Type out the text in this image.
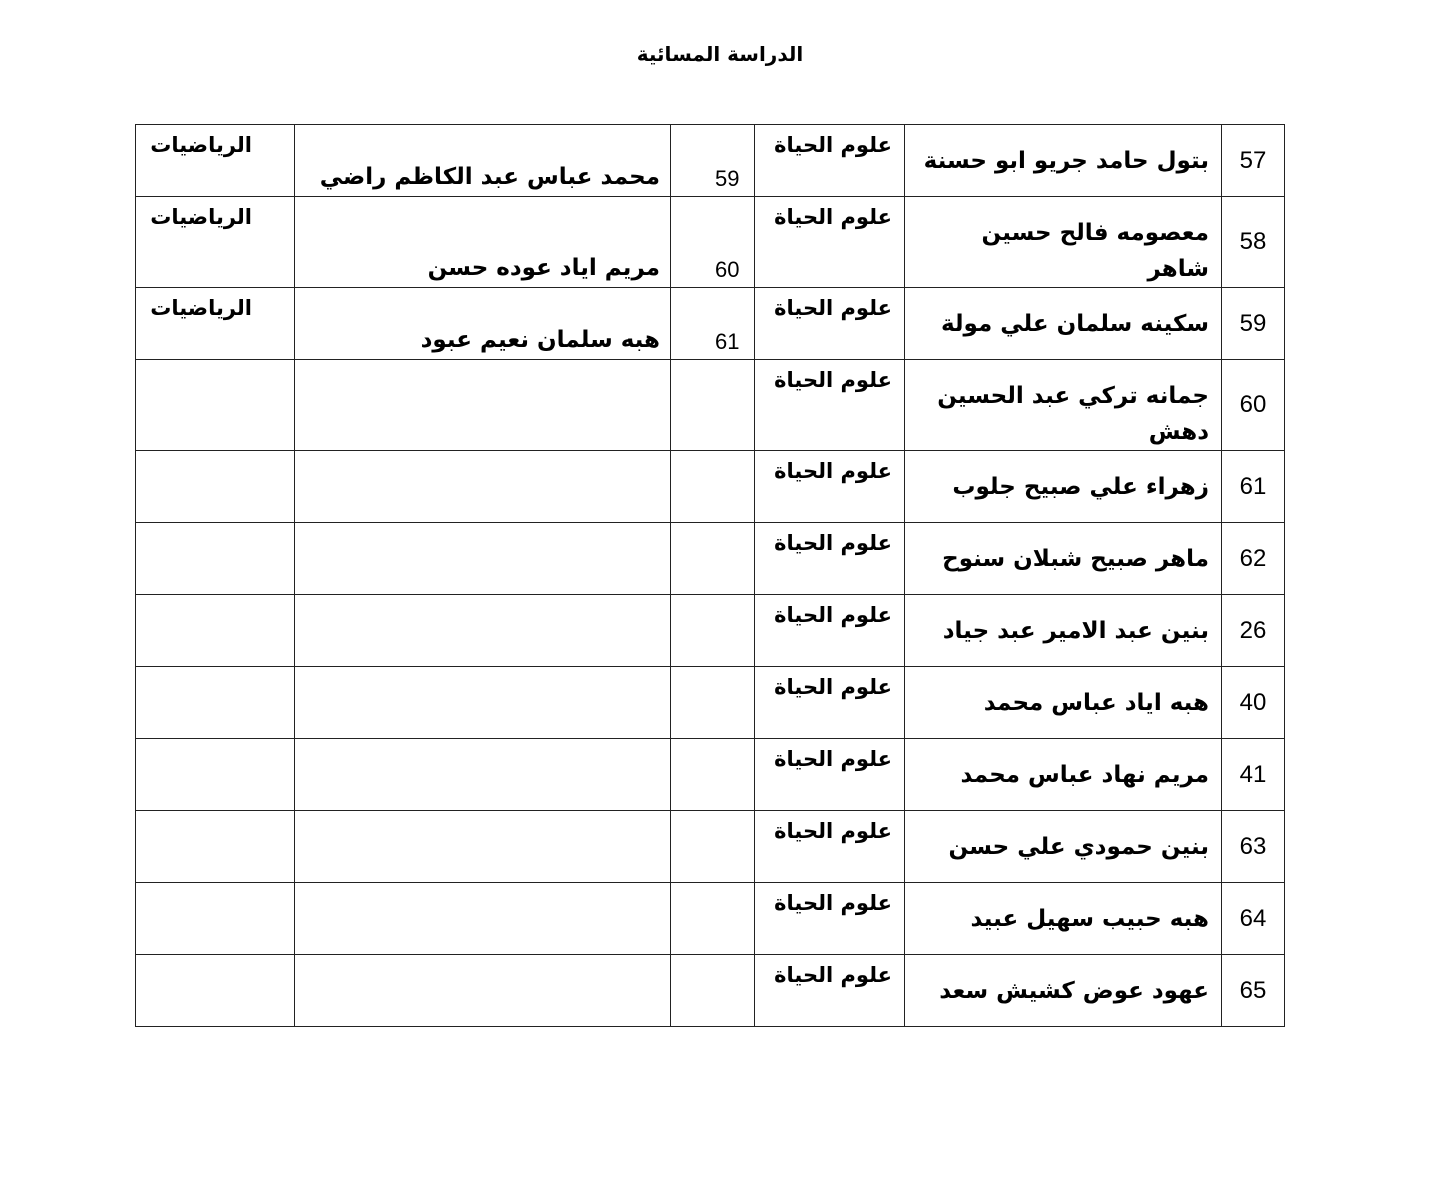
الدراسة المسائية
57	بتول حامد جريو ابو حسنة	علوم الحياة	59	محمد عباس عبد الكاظم راضي	الرياضيات
58	معصومه فالح حسين شاهر	علوم الحياة	60	مريم اياد عوده حسن	الرياضيات
59	سكينه سلمان علي مولة	علوم الحياة	61	هبه سلمان نعيم عبود	الرياضيات
60	جمانه تركي عبد الحسين دهش	علوم الحياة			
61	زهراء علي صبيح جلوب	علوم الحياة			
62	ماهر صبيح شبلان سنوح	علوم الحياة			
26	بنين عبد الامير عبد جياد	علوم الحياة			
40	هبه اياد عباس محمد	علوم الحياة			
41	مريم نهاد عباس محمد	علوم الحياة			
63	بنين حمودي علي حسن	علوم الحياة			
64	هبه حبيب سهيل عبيد	علوم الحياة			
65	عهود عوض كشيش سعد	علوم الحياة			
